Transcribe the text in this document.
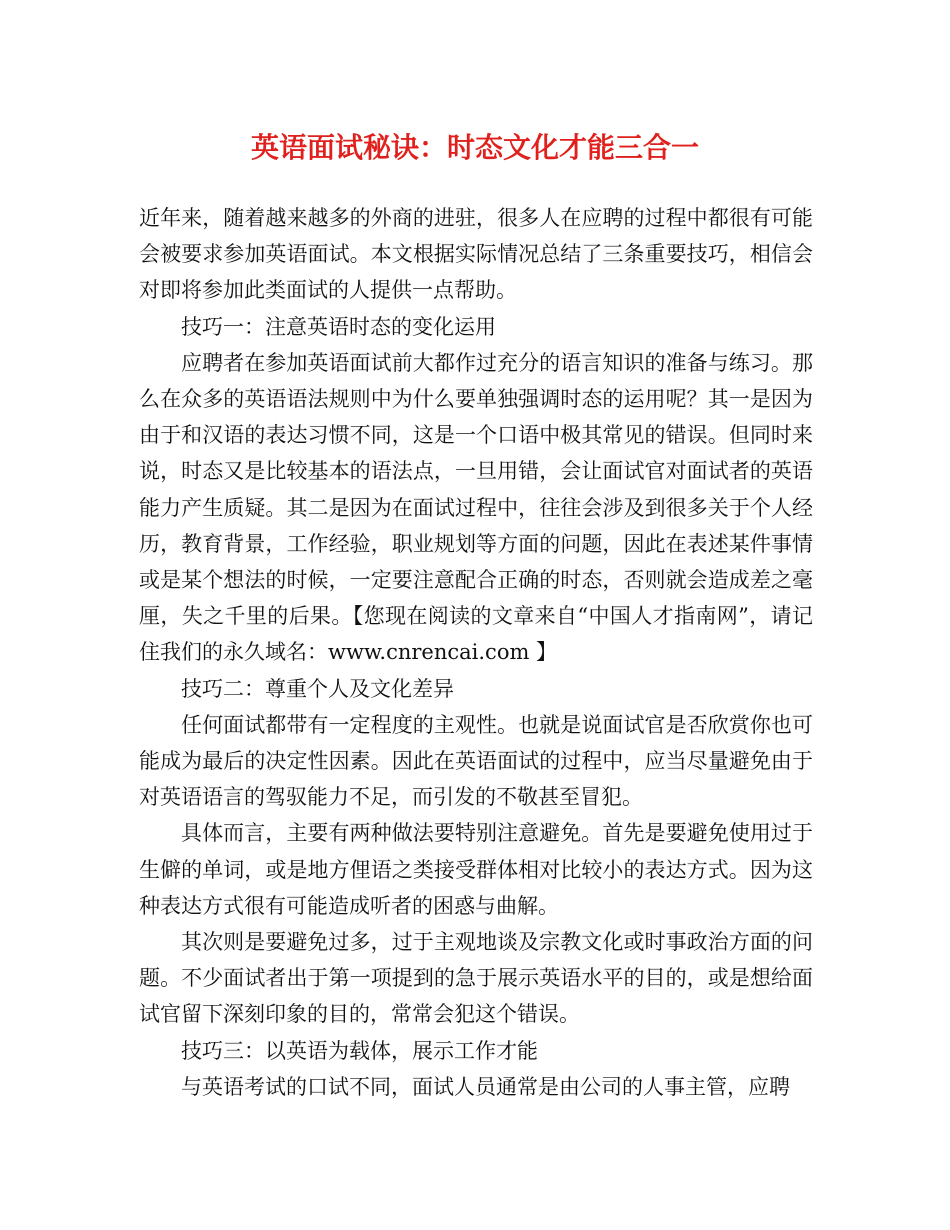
英语面试秘诀：时态文化才能三合一

近年来，随着越来越多的外商的进驻，很多人在应聘的过程中都很有可能会被要求参加英语面试。本文根据实际情况总结了三条重要技巧，相信会对即将参加此类面试的人提供一点帮助。

技巧一：注意英语时态的变化运用

应聘者在参加英语面试前大都作过充分的语言知识的准备与练习。那么在众多的英语语法规则中为什么要单独强调时态的运用呢？其一是因为由于和汉语的表达习惯不同，这是一个口语中极其常见的错误。但同时来说，时态又是比较基本的语法点，一旦用错，会让面试官对面试者的英语能力产生质疑。其二是因为在面试过程中，往往会涉及到很多关于个人经历，教育背景，工作经验，职业规划等方面的问题，因此在表述某件事情或是某个想法的时候，一定要注意配合正确的时态，否则就会造成差之毫厘，失之千里的后果。【您现在阅读的文章来自“中国人才指南网”，请记住我们的永久域名：www.cnrencai.com 】

技巧二：尊重个人及文化差异

任何面试都带有一定程度的主观性。也就是说面试官是否欣赏你也可能成为最后的决定性因素。因此在英语面试的过程中，应当尽量避免由于对英语语言的驾驭能力不足，而引发的不敬甚至冒犯。

具体而言，主要有两种做法要特别注意避免。首先是要避免使用过于生僻的单词，或是地方俚语之类接受群体相对比较小的表达方式。因为这种表达方式很有可能造成听者的困惑与曲解。

其次则是要避免过多，过于主观地谈及宗教文化或时事政治方面的问题。不少面试者出于第一项提到的急于展示英语水平的目的，或是想给面试官留下深刻印象的目的，常常会犯这个错误。

技巧三：以英语为载体，展示工作才能

与英语考试的口试不同，面试人员通常是由公司的人事主管，应聘
